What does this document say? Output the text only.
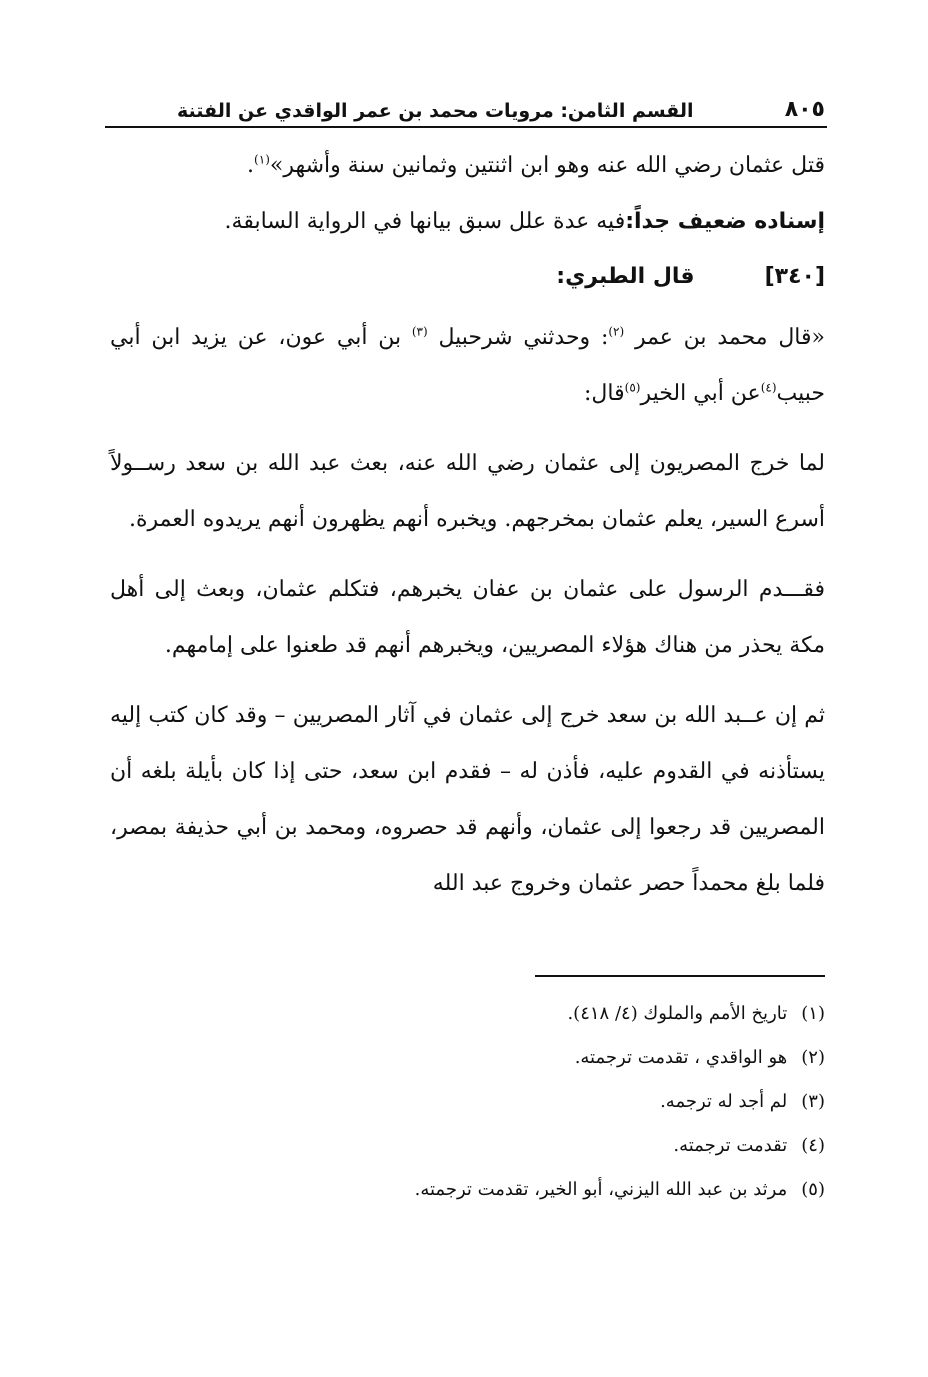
٨٠٥
القسم الثامن: مرويات محمد بن عمر الواقدي عن الفتنة

قتل عثمان رضي الله عنه وهو ابن اثنتين وثمانين سنة وأشهر»$^{(١)}$.

إسناده ضعيف جداً:فيه عدة علل سبق بيانها في الرواية السابقة.

[٣٤٠]
قال الطبري:

«قال محمد بن عمر $^{(٢)}$: وحدثني شرحبيل $^{(٣)}$ بن أبي عون، عن يزيد ابن أبي حبيب$^{(٤)}$عن أبي الخير$^{(٥)}$قال:

لما خرج المصريون إلى عثمان رضي الله عنه، بعث عبد الله بن سعد رســولاً أسرع السير، يعلم عثمان بمخرجهم. ويخبره أنهم يظهرون أنهم يريدوه العمرة.

فقـــدم الرسول على عثمان بن عفان يخبرهم، فتكلم عثمان، وبعث إلى أهل مكة يحذر من هناك هؤلاء المصريين، ويخبرهم أنهم قد طعنوا على إمامهم.

ثم إن عــبد الله بن سعد خرج إلى عثمان في آثار المصريين – وقد كان كتب إليه يستأذنه في القدوم عليه، فأذن له – فقدم ابن سعد، حتى إذا كان بأيلة بلغه أن المصريين قد رجعوا إلى عثمان، وأنهم قد حصروه، ومحمد بن أبي حذيفة بمصر، فلما بلغ محمداً حصر عثمان وخروج عبد الله

(١)تاريخ الأمم والملوك (٤/ ٤١٨).

(٢)هو الواقدي ، تقدمت ترجمته.

(٣)لم أجد له ترجمه.

(٤)تقدمت ترجمته.

(٥)مرثد بن عبد الله اليزني، أبو الخير، تقدمت ترجمته.
